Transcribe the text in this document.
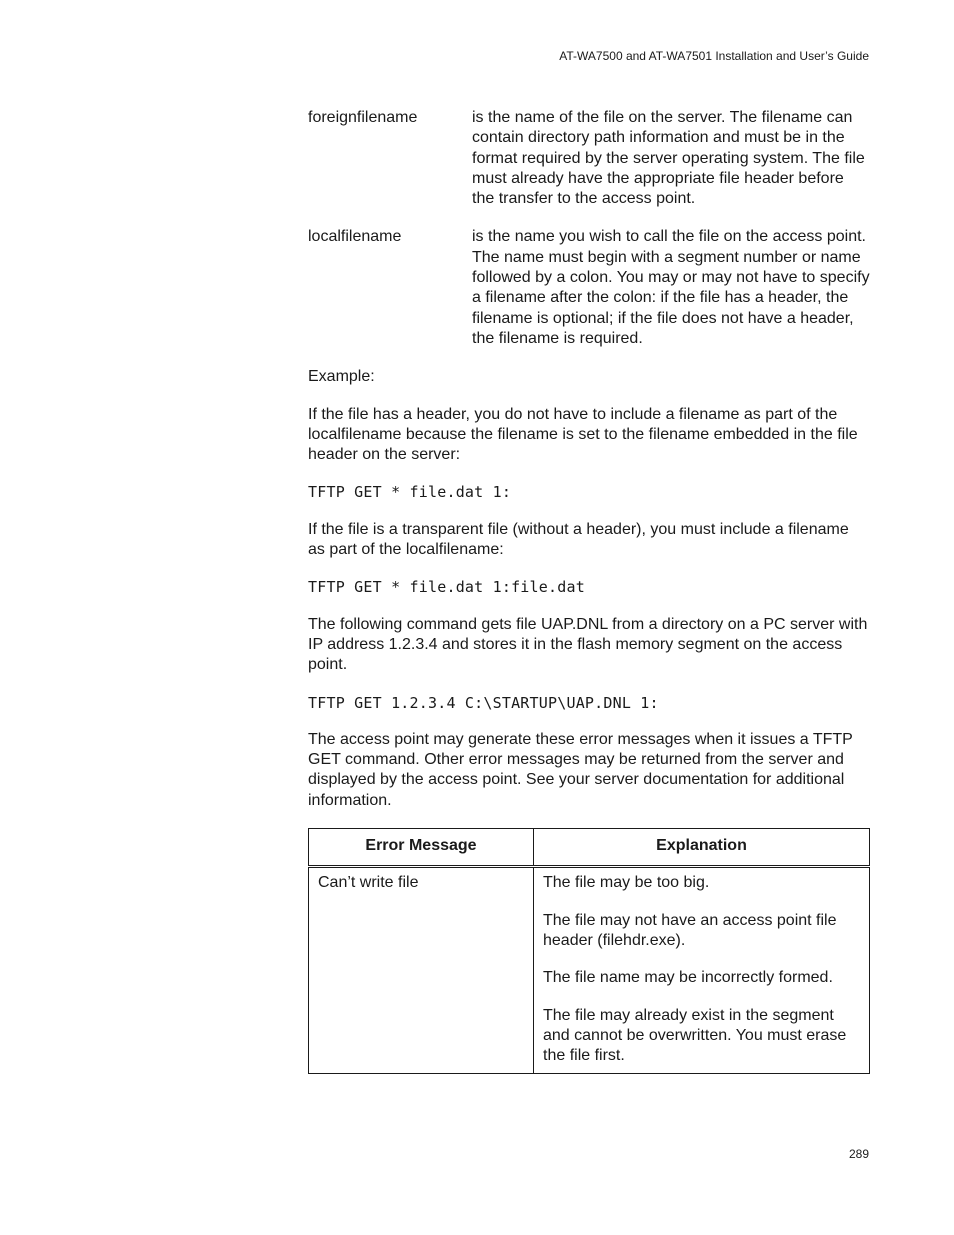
AT-WA7500 and AT-WA7501 Installation and User’s Guide
foreignfilename	is the name of the file on the server. The filename can contain directory path information and must be in the format required by the server operating system. The file must already have the appropriate file header before the transfer to the access point.
localfilename	is the name you wish to call the file on the access point. The name must begin with a segment number or name followed by a colon. You may or may not have to specify a filename after the colon: if the file has a header, the filename is optional; if the file does not have a header, the filename is required.

Example:

If the file has a header, you do not have to include a filename as part of the localfilename because the filename is set to the filename embedded in the file header on the server:

TFTP GET * file.dat 1:

If the file is a transparent file (without a header), you must include a filename as part of the localfilename:

TFTP GET * file.dat 1:file.dat

The following command gets file UAP.DNL from a directory on a PC server with IP address 1.2.3.4 and stores it in the flash memory segment on the access point.

TFTP GET 1.2.3.4 C:\STARTUP\UAP.DNL 1:

The access point may generate these error messages when it issues a TFTP GET command. Other error messages may be returned from the server and displayed by the access point. See your server documentation for additional information.

Error Message	Explanation
Can’t write file	The file may be too big.
The file may not have an access point file header (filehdr.exe).
The file name may be incorrectly formed.
The file may already exist in the segment and cannot be overwritten. You must erase the file first.
289
